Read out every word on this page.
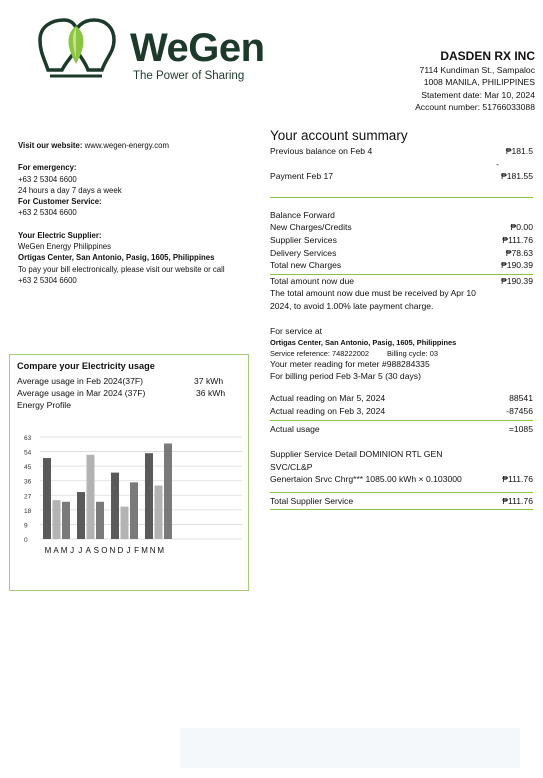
WeGen
The Power of Sharing
DASDEN RX INC
7114 Kundiman St., Sampaloc
1008 MANILA, PHILIPPINES
Statement date: Mar 10, 2024
Account number: 51766033088
Visit our website: www.wegen-energy.com
For emergency:
+63 2 5304 6600
24 hours a day 7 days a week
For Customer Service:
+63 2 5304 6600
Your Electric Supplier:
WeGen Energy Philippines
Ortigas Center, San Antonio, Pasig, 1605, Philippines
To pay your bill electronically, please visit our website or call
+63 2 5304 6600
Your account summary
Previous balance on Feb 4	₱181.5
-
Payment Feb 17	₱181.55
Balance Forward
New Charges/Credits	₱0.00
Supplier Services	₱111.76
Delivery Services	₱78.63
Total new Charges	₱190.39
Total amount now due	₱190.39
The total amount now due must be received by Apr 10 2024, to avoid 1.00% late payment charge.
For service at
Ortigas Center, San Antonio, Pasig, 1605, Philippines
Service reference: 748222002 Billing cycle: 03
Your meter reading for meter #988284335
For billing period Feb 3-Mar 5 (30 days)
Actual reading on Mar 5, 2024	88541
Actual reading on Feb 3, 2024	-87456
Actual usage	=1085
Supplier Service Detail DOMINION RTL GEN
SVC/CL&P
Genertaion Srvc Chrg*** 1085.00 kWh × 0.103000	₱111.76
Total Supplier Service	₱111.76
Compare your Electricity usage
Average usage in Feb 2024(37F)	37 kWh
Average usage in Mar 2024 (37F)	36 kWh
Energy Profile
0
9
18
27
36
45
54
63
M A M J J A S O N D J F M N M
